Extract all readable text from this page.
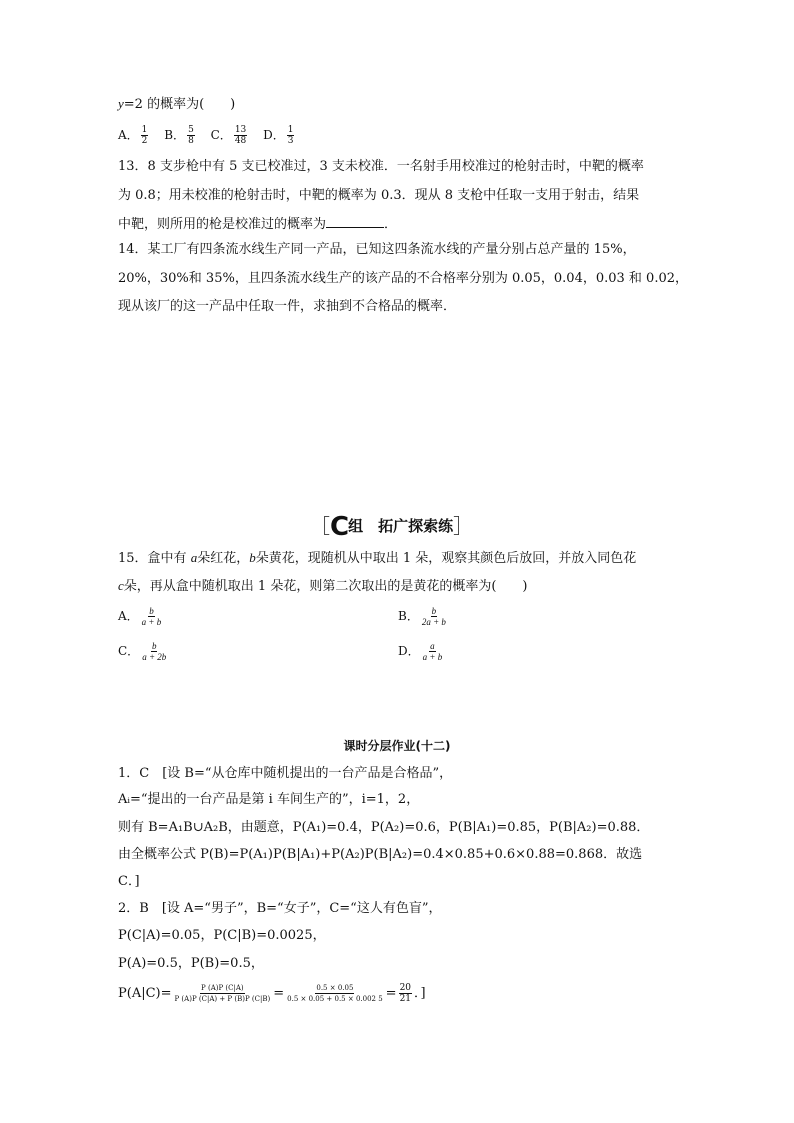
y=2 的概率为(　　)
A． $\frac{1}{2}$ B． $\frac{5}{8}$ C． $\frac{13}{48}$ D． $\frac{1}{3}$
13．8 支步枪中有 5 支已校准过，3 支未校准．一名射手用校准过的枪射击时，中靶的概率
为 0.8；用未校准的枪射击时，中靶的概率为 0.3．现从 8 支枪中任取一支用于射击，结果
中靶，则所用的枪是校准过的概率为	．
14．某工厂有四条流水线生产同一产品，已知这四条流水线的产量分别占总产量的 15%，
20%，30%和 35%，且四条流水线生产的该产品的不合格率分别为 0.05，0.04，0.03 和 0.02，
现从该厂的这一产品中任取一件，求抽到不合格品的概率．
［C组　拓广探索练］
15．盒中有 a朵红花，b朵黄花，现随机从中取出 1 朵，观察其颜色后放回，并放入同色花
c朵，再从盒中随机取出 1 朵花，则第二次取出的是黄花的概率为(　　)
A． $\frac{b}{a + b}$	B． $\frac{b}{2a + b}$
C． $\frac{b}{a + 2b}$	D． $\frac{a}{a + b}$
课时分层作业(十二)
1．C　[设 B=“从仓库中随机提出的一台产品是合格品”，
Aᵢ=“提出的一台产品是第 i 车间生产的”，i=1，2，
则有 B=A₁B∪A₂B，由题意，P(A₁)=0.4，P(A₂)=0.6，P(B|A₁)=0.85，P(B|A₂)=0.88．
由全概率公式 P(B)=P(A₁)P(B|A₁)+P(A₂)P(B|A₂)=0.4×0.85+0.6×0.88=0.868．故选
C．]
2．B　[设 A=“男子”，B=“女子”，C=“这人有色盲”，
P(C|A)=0.05，P(C|B)=0.0025，
P(A)=0.5，P(B)=0.5，
$P(A|C)= \frac{P (A)P (C|A)}{P (A)P (C|A) + P (B)P (C|B)} = \frac{0.5 \times 0.05}{0.5 \times 0.05 + 0.5 \times 0.002 5} = \frac{20}{21}$ ．]
